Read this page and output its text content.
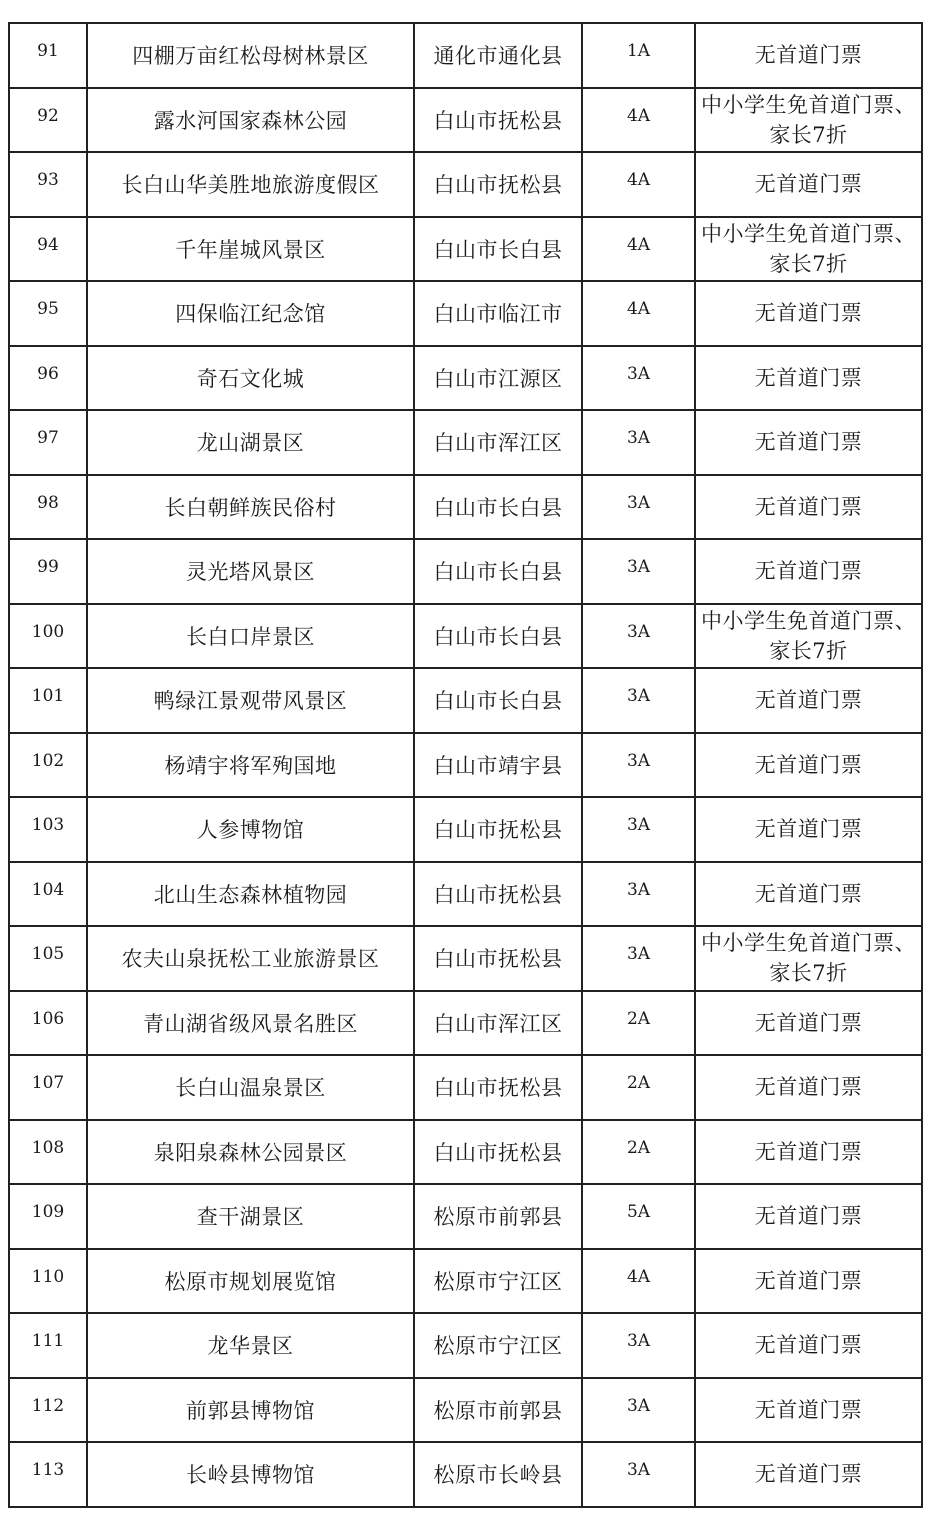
91	四棚万亩红松母树林景区	通化市通化县	1A	无首道门票
92	露水河国家森林公园	白山市抚松县	4A	中小学生免首道门票、家长7折
93	长白山华美胜地旅游度假区	白山市抚松县	4A	无首道门票
94	千年崖城风景区	白山市长白县	4A	中小学生免首道门票、家长7折
95	四保临江纪念馆	白山市临江市	4A	无首道门票
96	奇石文化城	白山市江源区	3A	无首道门票
97	龙山湖景区	白山市浑江区	3A	无首道门票
98	长白朝鲜族民俗村	白山市长白县	3A	无首道门票
99	灵光塔风景区	白山市长白县	3A	无首道门票
100	长白口岸景区	白山市长白县	3A	中小学生免首道门票、家长7折
101	鸭绿江景观带风景区	白山市长白县	3A	无首道门票
102	杨靖宇将军殉国地	白山市靖宇县	3A	无首道门票
103	人参博物馆	白山市抚松县	3A	无首道门票
104	北山生态森林植物园	白山市抚松县	3A	无首道门票
105	农夫山泉抚松工业旅游景区	白山市抚松县	3A	中小学生免首道门票、家长7折
106	青山湖省级风景名胜区	白山市浑江区	2A	无首道门票
107	长白山温泉景区	白山市抚松县	2A	无首道门票
108	泉阳泉森林公园景区	白山市抚松县	2A	无首道门票
109	查干湖景区	松原市前郭县	5A	无首道门票
110	松原市规划展览馆	松原市宁江区	4A	无首道门票
111	龙华景区	松原市宁江区	3A	无首道门票
112	前郭县博物馆	松原市前郭县	3A	无首道门票
113	长岭县博物馆	松原市长岭县	3A	无首道门票
